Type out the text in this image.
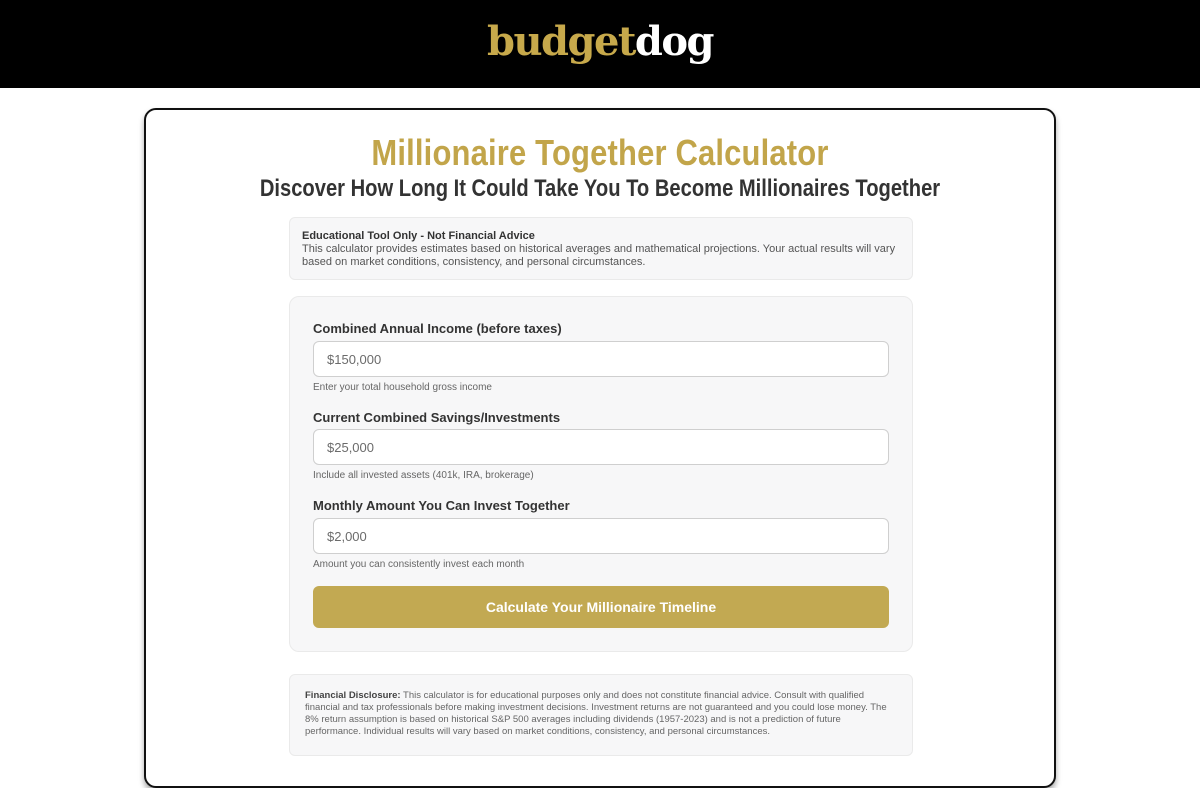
budgetdog
Millionaire Together Calculator
Discover How Long It Could Take You To Become Millionaires Together
Educational Tool Only - Not Financial Advice
This calculator provides estimates based on historical averages and mathematical projections. Your actual results will vary based on market conditions, consistency, and personal circumstances.
Combined Annual Income (before taxes)
$150,000
Enter your total household gross income
Current Combined Savings/Investments
$25,000
Include all invested assets (401k, IRA, brokerage)
Monthly Amount You Can Invest Together
$2,000
Amount you can consistently invest each month
Calculate Your Millionaire Timeline
Financial Disclosure: This calculator is for educational purposes only and does not constitute financial advice. Consult with qualified financial and tax professionals before making investment decisions. Investment returns are not guaranteed and you could lose money. The 8% return assumption is based on historical S&P 500 averages including dividends (1957-2023) and is not a prediction of future performance. Individual results will vary based on market conditions, consistency, and personal circumstances.
